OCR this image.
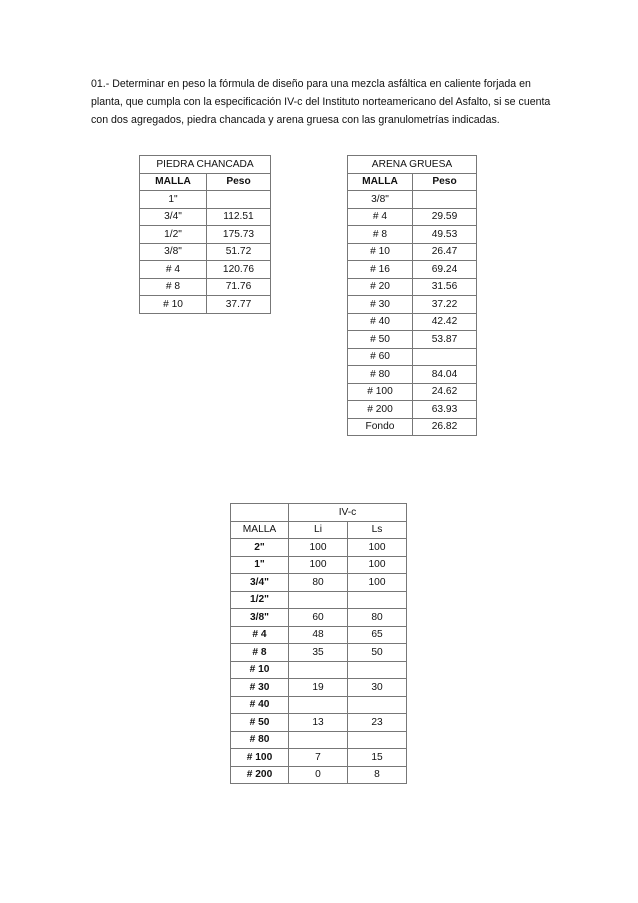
01.- Determinar en peso la fórmula de diseño para una mezcla asfáltica en caliente forjada en planta, que cumpla con la especificación IV-c del Instituto norteamericano del Asfalto, si se cuenta con dos agregados, piedra chancada y arena gruesa con las granulometrías indicadas.

PIEDRA CHANCADA	
MALLA	Peso
1"	
3/4"	112.51
1/2"	175.73
3/8"	51.72
# 4	120.76
# 8	71.76
# 10	37.77
ARENA GRUESA	
MALLA	Peso
3/8"	
# 4	29.59
# 8	49.53
# 10	26.47
# 16	69.24
# 20	31.56
# 30	37.22
# 40	42.42
# 50	53.87
# 60	
# 80	84.04
# 100	24.62
# 200	63.93
Fondo	26.82
	IV-c	
MALLA	Li	Ls
2"	100	100
1"	100	100
3/4"	80	100
1/2"		
3/8"	60	80
# 4	48	65
# 8	35	50
# 10		
# 30	19	30
# 40		
# 50	13	23
# 80		
# 100	7	15
# 200	0	8
